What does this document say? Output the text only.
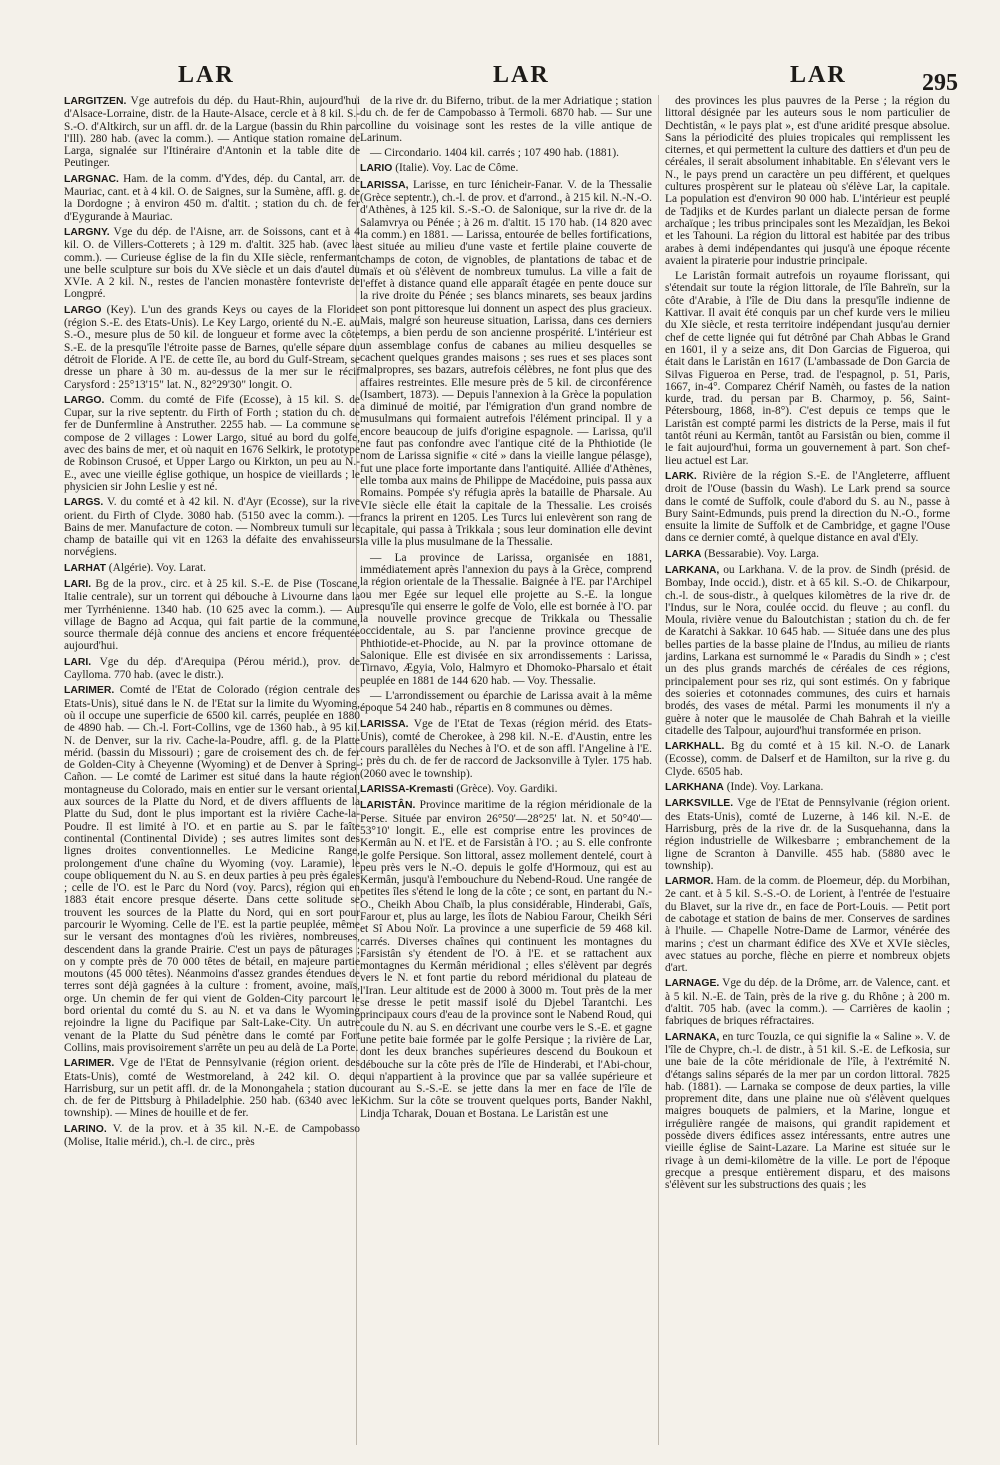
LAR	LAR	LAR	295

LARGITZEN. Vge autrefois du dép. du Haut-Rhin, aujourd'hui d'Alsace-Lorraine, distr. de la Haute-Alsace, cercle et à 8 kil. S.-S.-O. d'Altkirch, sur un affl. dr. de la Largue (bassin du Rhin par l'Ill). 280 hab. (avec la comm.). — Antique station romaine de Larga, signalée sur l'Itinéraire d'Antonin et la table dite de Peutinger.

LARGNAC. Ham. de la comm. d'Ydes, dép. du Cantal, arr. de Mauriac, cant. et à 4 kil. O. de Saignes, sur la Sumène, affl. g. de la Dordogne ; à environ 450 m. d'altit. ; station du ch. de fer d'Eygurande à Mauriac.

LARGNY. Vge du dép. de l'Aisne, arr. de Soissons, cant et à 4 kil. O. de Villers-Cotterets ; à 129 m. d'altit. 325 hab. (avec la comm.). — Curieuse église de la fin du XIIe siècle, renfermant une belle sculpture sur bois du XVe siècle et un dais d'autel du XVIe. A 2 kil. N., restes de l'ancien monastère fontevriste de Longpré.

LARGO (Key). L'un des grands Keys ou cayes de la Floride (région S.-E. des Etats-Unis). Le Key Largo, orienté du N.-E. au S.-O., mesure plus de 50 kil. de longueur et forme avec la côte S.-E. de la presqu'île l'étroite passe de Barnes, qu'elle sépare du détroit de Floride. A l'E. de cette île, au bord du Gulf-Stream, se dresse un phare à 30 m. au-dessus de la mer sur le récif Carysford : 25°13'15" lat. N., 82°29'30" longit. O.

LARGO. Comm. du comté de Fife (Ecosse), à 15 kil. S. de Cupar, sur la rive septentr. du Firth of Forth ; station du ch. de fer de Dunfermline à Anstruther. 2255 hab. — La commune se compose de 2 villages : Lower Largo, situé au bord du golfe, avec des bains de mer, et où naquit en 1676 Selkirk, le prototype de Robinson Crusoé, et Upper Largo ou Kirkton, un peu au N.-E., avec une vieille église gothique, un hospice de vieillards ; le physicien sir John Leslie y est né.

LARGS. V. du comté et à 42 kil. N. d'Ayr (Ecosse), sur la rive orient. du Firth of Clyde. 3080 hab. (5150 avec la comm.). — Bains de mer. Manufacture de coton. — Nombreux tumuli sur le champ de bataille qui vit en 1263 la défaite des envahisseurs norvégiens.

LARHAT (Algérie). Voy. Larat.

LARI. Bg de la prov., circ. et à 25 kil. S.-E. de Pise (Toscane, Italie centrale), sur un torrent qui débouche à Livourne dans la mer Tyrrhénienne. 1340 hab. (10 625 avec la comm.). — Au village de Bagno ad Acqua, qui fait partie de la commune, source thermale déjà connue des anciens et encore fréquentée aujourd'hui.

LARI. Vge du dép. d'Arequipa (Pérou mérid.), prov. de Caylloma. 770 hab. (avec le distr.).

LARIMER. Comté de l'Etat de Colorado (région centrale des Etats-Unis), situé dans le N. de l'Etat sur la limite du Wyoming, où il occupe une superficie de 6500 kil. carrés, peuplée en 1880 de 4890 hab. — Ch.-l. Fort-Collins, vge de 1360 hab., à 95 kil. N. de Denver, sur la riv. Cache-la-Poudre, affl. g. de la Platte mérid. (bassin du Missouri) ; gare de croisement des ch. de fer de Golden-City à Cheyenne (Wyoming) et de Denver à Spring-Cañon. — Le comté de Larimer est situé dans la haute région montagneuse du Colorado, mais en entier sur le versant oriental, aux sources de la Platte du Nord, et de divers affluents de la Platte du Sud, dont le plus important est la rivière Cache-la-Poudre. Il est limité à l'O. et en partie au S. par le faîte continental (Continental Divide) ; ses autres limites sont des lignes droites conventionnelles. Le Medicine Range, prolongement d'une chaîne du Wyoming (voy. Laramie), le coupe obliquement du N. au S. en deux parties à peu près égales ; celle de l'O. est le Parc du Nord (voy. Parcs), région qui en 1883 était encore presque déserte. Dans cette solitude se trouvent les sources de la Platte du Nord, qui en sort pour parcourir le Wyoming. Celle de l'E. est la partie peuplée, même sur le versant des montagnes d'où les rivières, nombreuses, descendent dans la grande Prairie. C'est un pays de pâturages ; on y compte près de 70 000 têtes de bétail, en majeure partie moutons (45 000 têtes). Néanmoins d'assez grandes étendues de terres sont déjà gagnées à la culture : froment, avoine, maïs, orge. Un chemin de fer qui vient de Golden-City parcourt le bord oriental du comté du S. au N. et va dans le Wyoming rejoindre la ligne du Pacifique par Salt-Lake-City. Un autre venant de la Platte du Sud pénètre dans le comté par Fort Collins, mais provisoirement s'arrête un peu au delà de La Porte.

LARIMER. Vge de l'Etat de Pennsylvanie (région orient. des Etats-Unis), comté de Westmoreland, à 242 kil. O. de Harrisburg, sur un petit affl. dr. de la Monongahela ; station du ch. de fer de Pittsburg à Philadelphie. 250 hab. (6340 avec le township). — Mines de houille et de fer.

LARINO. V. de la prov. et à 35 kil. N.-E. de Campobasso (Molise, Italie mérid.), ch.-l. de circ., près

de la rive dr. du Biferno, tribut. de la mer Adriatique ; station du ch. de fer de Campobasso à Termoli. 6870 hab. — Sur une colline du voisinage sont les restes de la ville antique de Larinum.

— Circondario. 1404 kil. carrés ; 107 490 hab. (1881).

LARIO (Italie). Voy. Lac de Côme.

LARISSA, Larisse, en turc Iénicheir-Fanar. V. de la Thessalie (Grèce septentr.), ch.-l. de prov. et d'arrond., à 215 kil. N.-N.-O. d'Athènes, à 125 kil. S.-S.-O. de Salonique, sur la rive dr. de la Salamvrya ou Pénée ; à 26 m. d'altit. 15 170 hab. (14 820 avec la comm.) en 1881. — Larissa, entourée de belles fortifications, est située au milieu d'une vaste et fertile plaine couverte de champs de coton, de vignobles, de plantations de tabac et de maïs et où s'élèvent de nombreux tumulus. La ville a fait de l'effet à distance quand elle apparaît étagée en pente douce sur la rive droite du Pénée ; ses blancs minarets, ses beaux jardins et son pont pittoresque lui donnent un aspect des plus gracieux. Mais, malgré son heureuse situation, Larissa, dans ces derniers temps, a bien perdu de son ancienne prospérité. L'intérieur est un assemblage confus de cabanes au milieu desquelles se cachent quelques grandes maisons ; ses rues et ses places sont malpropres, ses bazars, autrefois célèbres, ne font plus que des affaires restreintes. Elle mesure près de 5 kil. de circonférence (Isambert, 1873). — Depuis l'annexion à la Grèce la population a diminué de moitié, par l'émigration d'un grand nombre de musulmans qui formaient autrefois l'élément principal. Il y a encore beaucoup de juifs d'origine espagnole. — Larissa, qu'il ne faut pas confondre avec l'antique cité de la Phthiotide (le nom de Larissa signifie « cité » dans la vieille langue pélasge), fut une place forte importante dans l'antiquité. Alliée d'Athènes, elle tomba aux mains de Philippe de Macédoine, puis passa aux Romains. Pompée s'y réfugia après la bataille de Pharsale. Au VIe siècle elle était la capitale de la Thessalie. Les croisés francs la prirent en 1205. Les Turcs lui enlevèrent son rang de capitale, qui passa à Trikkala ; sous leur domination elle devint la ville la plus musulmane de la Thessalie.

— La province de Larissa, organisée en 1881, immédiatement après l'annexion du pays à la Grèce, comprend la région orientale de la Thessalie. Baignée à l'E. par l'Archipel ou mer Egée sur lequel elle projette au S.-E. la longue presqu'île qui enserre le golfe de Volo, elle est bornée à l'O. par la nouvelle province grecque de Trikkala ou Thessalie occidentale, au S. par l'ancienne province grecque de Phthiotide-et-Phocide, au N. par la province ottomane de Salonique. Elle est divisée en six arrondissements : Larissa, Tirnavo, Ægyia, Volo, Halmyro et Dhomoko-Pharsalo et était peuplée en 1881 de 144 620 hab. — Voy. Thessalie.

— L'arrondissement ou éparchie de Larissa avait à la même époque 54 240 hab., répartis en 8 communes ou dèmes.

LARISSA. Vge de l'Etat de Texas (région mérid. des Etats-Unis), comté de Cherokee, à 298 kil. N.-E. d'Austin, entre les cours parallèles du Neches à l'O. et de son affl. l'Angeline à l'E. ; près du ch. de fer de raccord de Jacksonville à Tyler. 175 hab. (2060 avec le township).

LARISSA-Kremasti (Grèce). Voy. Gardiki.

LARISTÂN. Province maritime de la région méridionale de la Perse. Située par environ 26°50'—28°25' lat. N. et 50°40'—53°10' longit. E., elle est comprise entre les provinces de Kermân au N. et l'E. et de Farsistân à l'O. ; au S. elle confronte le golfe Persique. Son littoral, assez mollement dentelé, court à peu près vers le N.-O. depuis le golfe d'Hormouz, qui est au Kermân, jusqu'à l'embouchure du Nebend-Roud. Une rangée de petites îles s'étend le long de la côte ; ce sont, en partant du N.-O., Cheikh Abou Chaïb, la plus considérable, Hinderabi, Gaïs, Farour et, plus au large, les îlots de Nabiou Farour, Cheikh Séri et Sî Abou Noïr. La province a une superficie de 59 468 kil. carrés. Diverses chaînes qui continuent les montagnes du Farsistân s'y étendent de l'O. à l'E. et se rattachent aux montagnes du Kermân méridional ; elles s'élèvent par degrés vers le N. et font partie du rebord méridional du plateau de l'Iran. Leur altitude est de 2000 à 3000 m. Tout près de la mer se dresse le petit massif isolé du Djebel Tarantchi. Les principaux cours d'eau de la province sont le Nabend Roud, qui coule du N. au S. en décrivant une courbe vers le S.-E. et gagne une petite baie formée par le golfe Persique ; la rivière de Lar, dont les deux branches supérieures descend du Boukoun et débouche sur la côte près de l'île de Hinderabi, et l'Abi-chour, qui n'appartient à la province que par sa vallée supérieure et courant au S.-S.-E. se jette dans la mer en face de l'île de Kichm. Sur la côte se trouvent quelques ports, Bander Nakhl, Lindja Tcharak, Douan et Bostana. Le Laristân est une

des provinces les plus pauvres de la Perse ; la région du littoral désignée par les auteurs sous le nom particulier de Dechtistân, « le pays plat », est d'une aridité presque absolue. Sans la périodicité des pluies tropicales qui remplissent les citernes, et qui permettent la culture des dattiers et d'un peu de céréales, il serait absolument inhabitable. En s'élevant vers le N., le pays prend un caractère un peu différent, et quelques cultures prospèrent sur le plateau où s'élève Lar, la capitale. La population est d'environ 90 000 hab. L'intérieur est peuplé de Tadjiks et de Kurdes parlant un dialecte persan de forme archaïque ; les tribus principales sont les Mezaïdjan, les Bekoi et les Tahouni. La région du littoral est habitée par des tribus arabes à demi indépendantes qui jusqu'à une époque récente avaient la piraterie pour industrie principale.

Le Laristân formait autrefois un royaume florissant, qui s'étendait sur toute la région littorale, de l'île Bahreïn, sur la côte d'Arabie, à l'île de Diu dans la presqu'île indienne de Kattivar. Il avait été conquis par un chef kurde vers le milieu du XIe siècle, et resta territoire indépendant jusqu'au dernier chef de cette lignée qui fut détrôné par Chah Abbas le Grand en 1601, il y a seize ans, dit Don Garcias de Figueroa, qui était dans le Laristân en 1617 (L'ambassade de Don Garcia de Silvas Figueroa en Perse, trad. de l'espagnol, p. 51, Paris, 1667, in-4°. Comparez Chérif Namèh, ou fastes de la nation kurde, trad. du persan par B. Charmoy, p. 56, Saint-Pétersbourg, 1868, in-8°). C'est depuis ce temps que le Laristân est compté parmi les districts de la Perse, mais il fut tantôt réuni au Kermân, tantôt au Farsistân ou bien, comme il le fait aujourd'hui, forma un gouvernement à part. Son chef-lieu actuel est Lar.

LARK. Rivière de la région S.-E. de l'Angleterre, affluent droit de l'Ouse (bassin du Wash). Le Lark prend sa source dans le comté de Suffolk, coule d'abord du S. au N., passe à Bury Saint-Edmunds, puis prend la direction du N.-O., forme ensuite la limite de Suffolk et de Cambridge, et gagne l'Ouse dans ce dernier comté, à quelque distance en aval d'Ely.

LARKA (Bessarabie). Voy. Larga.

LARKANA, ou Larkhana. V. de la prov. de Sindh (présid. de Bombay, Inde occid.), distr. et à 65 kil. S.-O. de Chikarpour, ch.-l. de sous-distr., à quelques kilomètres de la rive dr. de l'Indus, sur le Nora, coulée occid. du fleuve ; au confl. du Moula, rivière venue du Baloutchistan ; station du ch. de fer de Karatchi à Sakkar. 10 645 hab. — Située dans une des plus belles parties de la basse plaine de l'Indus, au milieu de riants jardins, Larkana est surnommé le « Paradis du Sindh » ; c'est un des plus grands marchés de céréales de ces régions, principalement pour ses riz, qui sont estimés. On y fabrique des soieries et cotonnades communes, des cuirs et harnais brodés, des vases de métal. Parmi les monuments il n'y a guère à noter que le mausolée de Chah Bahrah et la vieille citadelle des Talpour, aujourd'hui transformée en prison.

LARKHALL. Bg du comté et à 15 kil. N.-O. de Lanark (Ecosse), comm. de Dalserf et de Hamilton, sur la rive g. du Clyde. 6505 hab.

LARKHANA (Inde). Voy. Larkana.

LARKSVILLE. Vge de l'Etat de Pennsylvanie (région orient. des Etats-Unis), comté de Luzerne, à 146 kil. N.-E. de Harrisburg, près de la rive dr. de la Susquehanna, dans la région industrielle de Wilkesbarre ; embranchement de la ligne de Scranton à Danville. 455 hab. (5880 avec le township).

LARMOR. Ham. de la comm. de Ploemeur, dép. du Morbihan, 2e cant. et à 5 kil. S.-S.-O. de Lorient, à l'entrée de l'estuaire du Blavet, sur la rive dr., en face de Port-Louis. — Petit port de cabotage et station de bains de mer. Conserves de sardines à l'huile. — Chapelle Notre-Dame de Larmor, vénérée des marins ; c'est un charmant édifice des XVe et XVIe siècles, avec statues au porche, flèche en pierre et nombreux objets d'art.

LARNAGE. Vge du dép. de la Drôme, arr. de Valence, cant. et à 5 kil. N.-E. de Tain, près de la rive g. du Rhône ; à 200 m. d'altit. 705 hab. (avec la comm.). — Carrières de kaolin ; fabriques de briques réfractaires.

LARNAKA, en turc Touzla, ce qui signifie la « Saline ». V. de l'île de Chypre, ch.-l. de distr., à 51 kil. S.-E. de Lefkosia, sur une baie de la côte méridionale de l'île, à l'extrémité N. d'étangs salins séparés de la mer par un cordon littoral. 7825 hab. (1881). — Larnaka se compose de deux parties, la ville proprement dite, dans une plaine nue où s'élèvent quelques maigres bouquets de palmiers, et la Marine, longue et irrégulière rangée de maisons, qui grandit rapidement et possède divers édifices assez intéressants, entre autres une vieille église de Saint-Lazare. La Marine est située sur le rivage à un demi-kilomètre de la ville. Le port de l'époque grecque a presque entièrement disparu, et des maisons s'élèvent sur les substructions des quais ; les
